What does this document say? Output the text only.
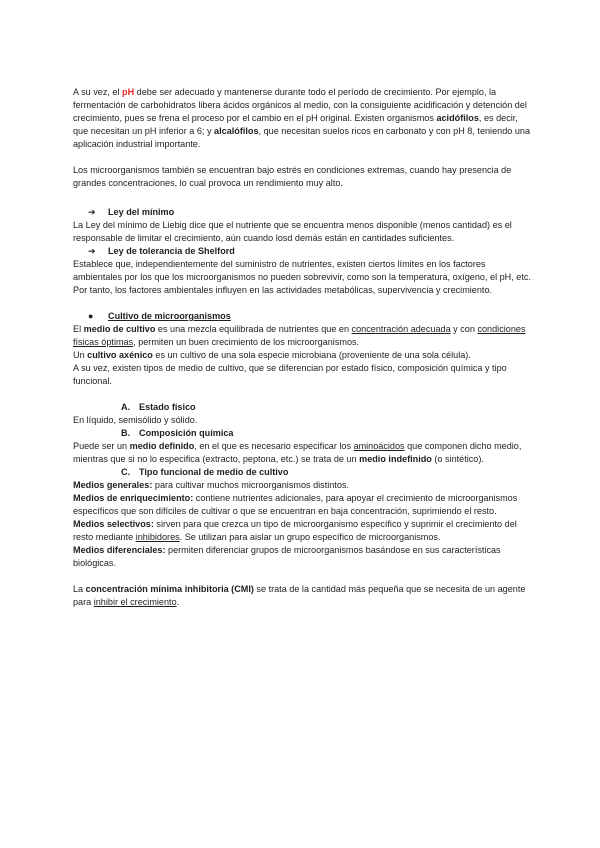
A su vez, el pH debe ser adecuado y mantenerse durante todo el período de crecimiento. Por ejemplo, la fermentación de carbohidratos libera ácidos orgánicos al medio, con la consiguiente acidificación y detención del crecimiento, pues se frena el proceso por el cambio en el pH original. Existen organismos acidófilos, es decir, que necesitan un pH inferior a 6; y alcalófilos, que necesitan suelos ricos en carbonato y con pH 8, teniendo una aplicación industrial importante.

Los microorganismos también se encuentran bajo estrés en condiciones extremas, cuando hay presencia de grandes concentraciones, lo cual provoca un rendimiento muy alto.

➔	Ley del mínimo

La Ley del mínimo de Liebig dice que el nutriente que se encuentra menos disponible (menos cantidad) es el responsable de limitar el crecimiento, aún cuando losd demás están en cantidades suficientes.

➔	Ley de tolerancia de Shelford

Establece que, independientemente del suministro de nutrientes, existen ciertos límites en los factores ambientales por los que los microorganismos no pueden sobrevivir, como son la temperatura, oxígeno, el pH, etc.

Por tanto, los factores ambientales influyen en las actividades metabólicas, supervivencia y crecimiento.

●	Cultivo de microorganismos

El medio de cultivo es una mezcla equilibrada de nutrientes que en concentración adecuada y con condiciones físicas óptimas, permiten un buen crecimiento de los microorganismos.

Un cultivo axénico es un cultivo de una sola especie microbiana (proveniente de una sola célula).

A su vez, existen tipos de medio de cultivo, que se diferencian por estado físico, composición química y tipo funcional.

A. Estado físico

En líquido, semisólido y sólido.

B. Composición química

Puede ser un medio definido, en el que es necesario especificar los aminoácidos que componen dicho medio, mientras que si no lo especifica (extracto, peptona, etc.) se trata de un medio indefinido (o sintético).

C. Tipo funcional de medio de cultivo

Medios generales: para cultivar muchos microorganismos distintos.

Medios de enriquecimiento: contiene nutrientes adicionales, para apoyar el crecimiento de microorganismos específicos que son difíciles de cultivar o que se encuentran en baja concentración, suprimiendo el resto.

Medios selectivos: sirven para que crezca un tipo de microorganismo específico y suprimir el crecimiento del resto mediante inhibidores. Se utilizan para aislar un grupo específico de microorganismos.

Medios diferenciales: permiten diferenciar grupos de microorganismos basándose en sus características biológicas.

La concentración mínima inhibitoria (CMI) se trata de la cantidad más pequeña que se necesita de un agente para inhibir el crecimiento.
